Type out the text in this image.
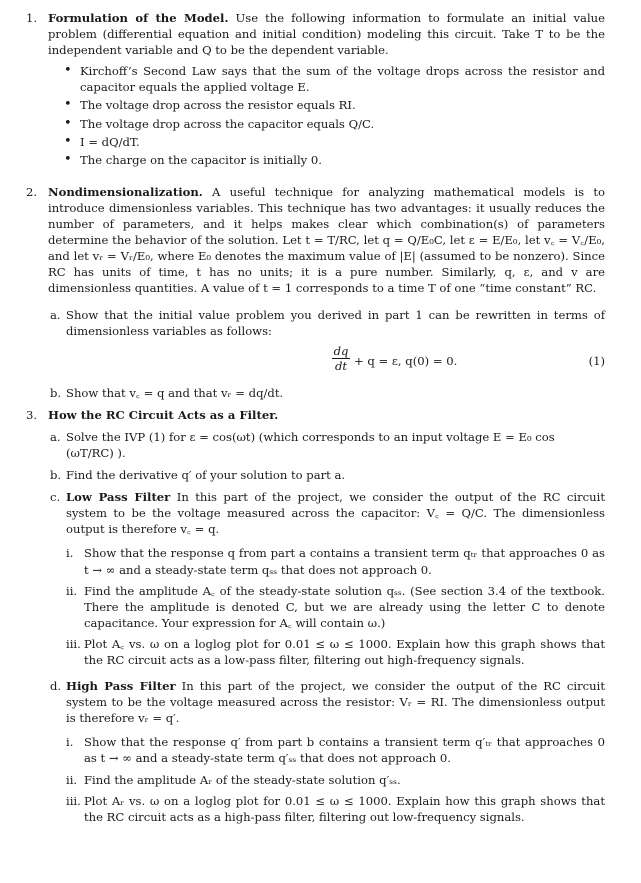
1. Formulation of the Model. Use the following information to formulate an initial value problem (differential equation and initial condition) modeling this circuit. Take T to be the independent variable and Q to be the dependent variable.

• Kirchoff’s Second Law says that the sum of the voltage drops across the resistor and capacitor equals the applied voltage E.
• The voltage drop across the resistor equals RI.
• The voltage drop across the capacitor equals Q/C.
• I = dQ/dT.
• The charge on the capacitor is initially 0.
2. Nondimensionalization. A useful technique for analyzing mathematical models is to introduce dimensionless variables. This technique has two advantages: it usually reduces the number of parameters, and it helps makes clear which combination(s) of parameters determine the behavior of the solution. Let t = T/RC, let q = Q/E₀C, let ε = E/E₀, let v꜀ = V꜀/E₀, and let vᵣ = Vᵣ/E₀, where E₀ denotes the maximum value of |E| (assumed to be nonzero). Since RC has units of time, t has no units; it is a pure number. Similarly, q, ε, and v are dimensionless quantities. A value of t = 1 corresponds to a time T of one “time constant” RC.

a. Show that the initial value problem you derived in part 1 can be rewritten in terms of dimensionless variables as follows:

$\frac{dq}{dt} + q = \varepsilon$, q(0) = 0.	(1)
b. Show that v꜀ = q and that vᵣ = dq/dt.

3. How the RC Circuit Acts as a Filter.

a. Solve the IVP (1) for ε = cos(ωt) (which corresponds to an input voltage E = E₀ cos (ωT/RC) ).

b. Find the derivative q′ of your solution to part a.

c. Low Pass Filter In this part of the project, we consider the output of the RC circuit system to be the voltage measured across the capacitor: V꜀ = Q/C. The dimensionless output is therefore v꜀ = q.

i. Show that the response q from part a contains a transient term qₜᵣ that approaches 0 as t → ∞ and a steady-state term qₛₛ that does not approach 0.

ii. Find the amplitude A꜀ of the steady-state solution qₛₛ. (See section 3.4 of the textbook. There the amplitude is denoted C, but we are already using the letter C to denote capacitance. Your expression for A꜀ will contain ω.)

iii. Plot A꜀ vs. ω on a loglog plot for 0.01 ≤ ω ≤ 1000. Explain how this graph shows that the RC circuit acts as a low-pass filter, filtering out high-frequency signals.

d. High Pass Filter In this part of the project, we consider the output of the RC circuit system to be the voltage measured across the resistor: Vᵣ = RI. The dimensionless output is therefore vᵣ = q′.

i. Show that the response q′ from part b contains a transient term q′ₜᵣ that approaches 0 as t → ∞ and a steady-state term q′ₛₛ that does not approach 0.

ii. Find the amplitude Aᵣ of the steady-state solution q′ₛₛ.

iii. Plot Aᵣ vs. ω on a loglog plot for 0.01 ≤ ω ≤ 1000. Explain how this graph shows that the RC circuit acts as a high-pass filter, filtering out low-frequency signals.
